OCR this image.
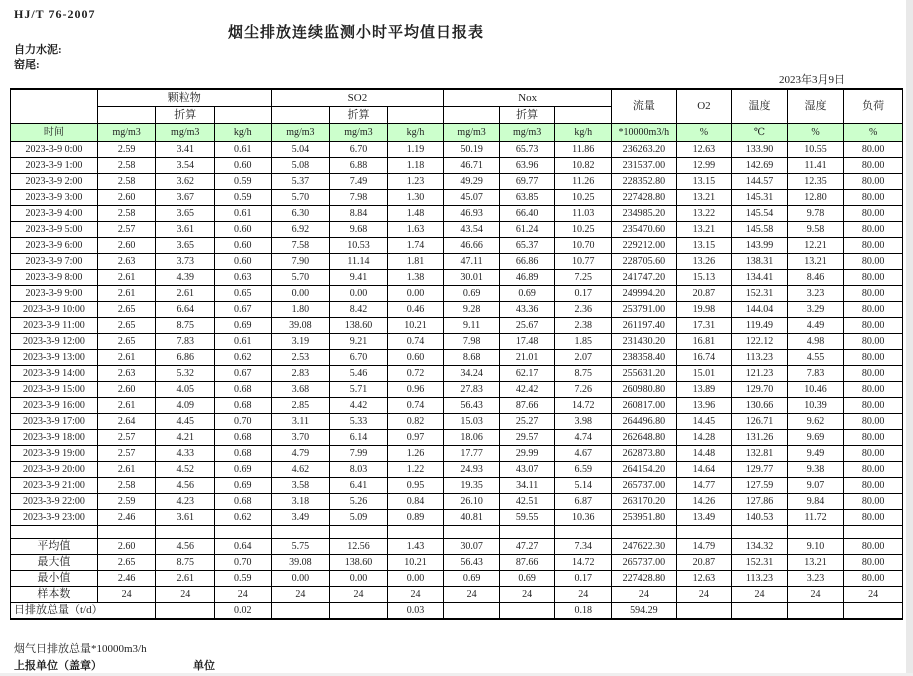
HJ/T 76-2007
烟尘排放连续监测小时平均值日报表
自力水泥:
窑尾:
2023年3月9日
	颗粒物			SO2			Nox			流量	O2	温度	湿度	负荷
		折算			折算			折算						
时间	mg/m3	mg/m3	kg/h	mg/m3	mg/m3	kg/h	mg/m3	mg/m3	kg/h	*10000m3/h	%	℃	%	%
2023-3-9 0:00	2.59	3.41	0.61	5.04	6.70	1.19	50.19	65.73	11.86	236263.20	12.63	133.90	10.55	80.00
2023-3-9 1:00	2.58	3.54	0.60	5.08	6.88	1.18	46.71	63.96	10.82	231537.00	12.99	142.69	11.41	80.00
2023-3-9 2:00	2.58	3.62	0.59	5.37	7.49	1.23	49.29	69.77	11.26	228352.80	13.15	144.57	12.35	80.00
2023-3-9 3:00	2.60	3.67	0.59	5.70	7.98	1.30	45.07	63.85	10.25	227428.80	13.21	145.31	12.80	80.00
2023-3-9 4:00	2.58	3.65	0.61	6.30	8.84	1.48	46.93	66.40	11.03	234985.20	13.22	145.54	9.78	80.00
2023-3-9 5:00	2.57	3.61	0.60	6.92	9.68	1.63	43.54	61.24	10.25	235470.60	13.21	145.58	9.58	80.00
2023-3-9 6:00	2.60	3.65	0.60	7.58	10.53	1.74	46.66	65.37	10.70	229212.00	13.15	143.99	12.21	80.00
2023-3-9 7:00	2.63	3.73	0.60	7.90	11.14	1.81	47.11	66.86	10.77	228705.60	13.26	138.31	13.21	80.00
2023-3-9 8:00	2.61	4.39	0.63	5.70	9.41	1.38	30.01	46.89	7.25	241747.20	15.13	134.41	8.46	80.00
2023-3-9 9:00	2.61	2.61	0.65	0.00	0.00	0.00	0.69	0.69	0.17	249994.20	20.87	152.31	3.23	80.00
2023-3-9 10:00	2.65	6.64	0.67	1.80	8.42	0.46	9.28	43.36	2.36	253791.00	19.98	144.04	3.29	80.00
2023-3-9 11:00	2.65	8.75	0.69	39.08	138.60	10.21	9.11	25.67	2.38	261197.40	17.31	119.49	4.49	80.00
2023-3-9 12:00	2.65	7.83	0.61	3.19	9.21	0.74	7.98	17.48	1.85	231430.20	16.81	122.12	4.98	80.00
2023-3-9 13:00	2.61	6.86	0.62	2.53	6.70	0.60	8.68	21.01	2.07	238358.40	16.74	113.23	4.55	80.00
2023-3-9 14:00	2.63	5.32	0.67	2.83	5.46	0.72	34.24	62.17	8.75	255631.20	15.01	121.23	7.83	80.00
2023-3-9 15:00	2.60	4.05	0.68	3.68	5.71	0.96	27.83	42.42	7.26	260980.80	13.89	129.70	10.46	80.00
2023-3-9 16:00	2.61	4.09	0.68	2.85	4.42	0.74	56.43	87.66	14.72	260817.00	13.96	130.66	10.39	80.00
2023-3-9 17:00	2.64	4.45	0.70	3.11	5.33	0.82	15.03	25.27	3.98	264496.80	14.45	126.71	9.62	80.00
2023-3-9 18:00	2.57	4.21	0.68	3.70	6.14	0.97	18.06	29.57	4.74	262648.80	14.28	131.26	9.69	80.00
2023-3-9 19:00	2.57	4.33	0.68	4.79	7.99	1.26	17.77	29.99	4.67	262873.80	14.48	132.81	9.49	80.00
2023-3-9 20:00	2.61	4.52	0.69	4.62	8.03	1.22	24.93	43.07	6.59	264154.20	14.64	129.77	9.38	80.00
2023-3-9 21:00	2.58	4.56	0.69	3.58	6.41	0.95	19.35	34.11	5.14	265737.00	14.77	127.59	9.07	80.00
2023-3-9 22:00	2.59	4.23	0.68	3.18	5.26	0.84	26.10	42.51	6.87	263170.20	14.26	127.86	9.84	80.00
2023-3-9 23:00	2.46	3.61	0.62	3.49	5.09	0.89	40.81	59.55	10.36	253951.80	13.49	140.53	11.72	80.00

平均值	2.60	4.56	0.64	5.75	12.56	1.43	30.07	47.27	7.34	247622.30	14.79	134.32	9.10	80.00
最大值	2.65	8.75	0.70	39.08	138.60	10.21	56.43	87.66	14.72	265737.00	20.87	152.31	13.21	80.00
最小值	2.46	2.61	0.59	0.00	0.00	0.00	0.69	0.69	0.17	227428.80	12.63	113.23	3.23	80.00
样本数	24	24	24	24	24	24	24	24	24	24	24	24	24	24
日排放总量（t/d）			0.02			0.03			0.18	594.29				
烟气日排放总量*10000m3/h
上报单位（盖章）	单位
